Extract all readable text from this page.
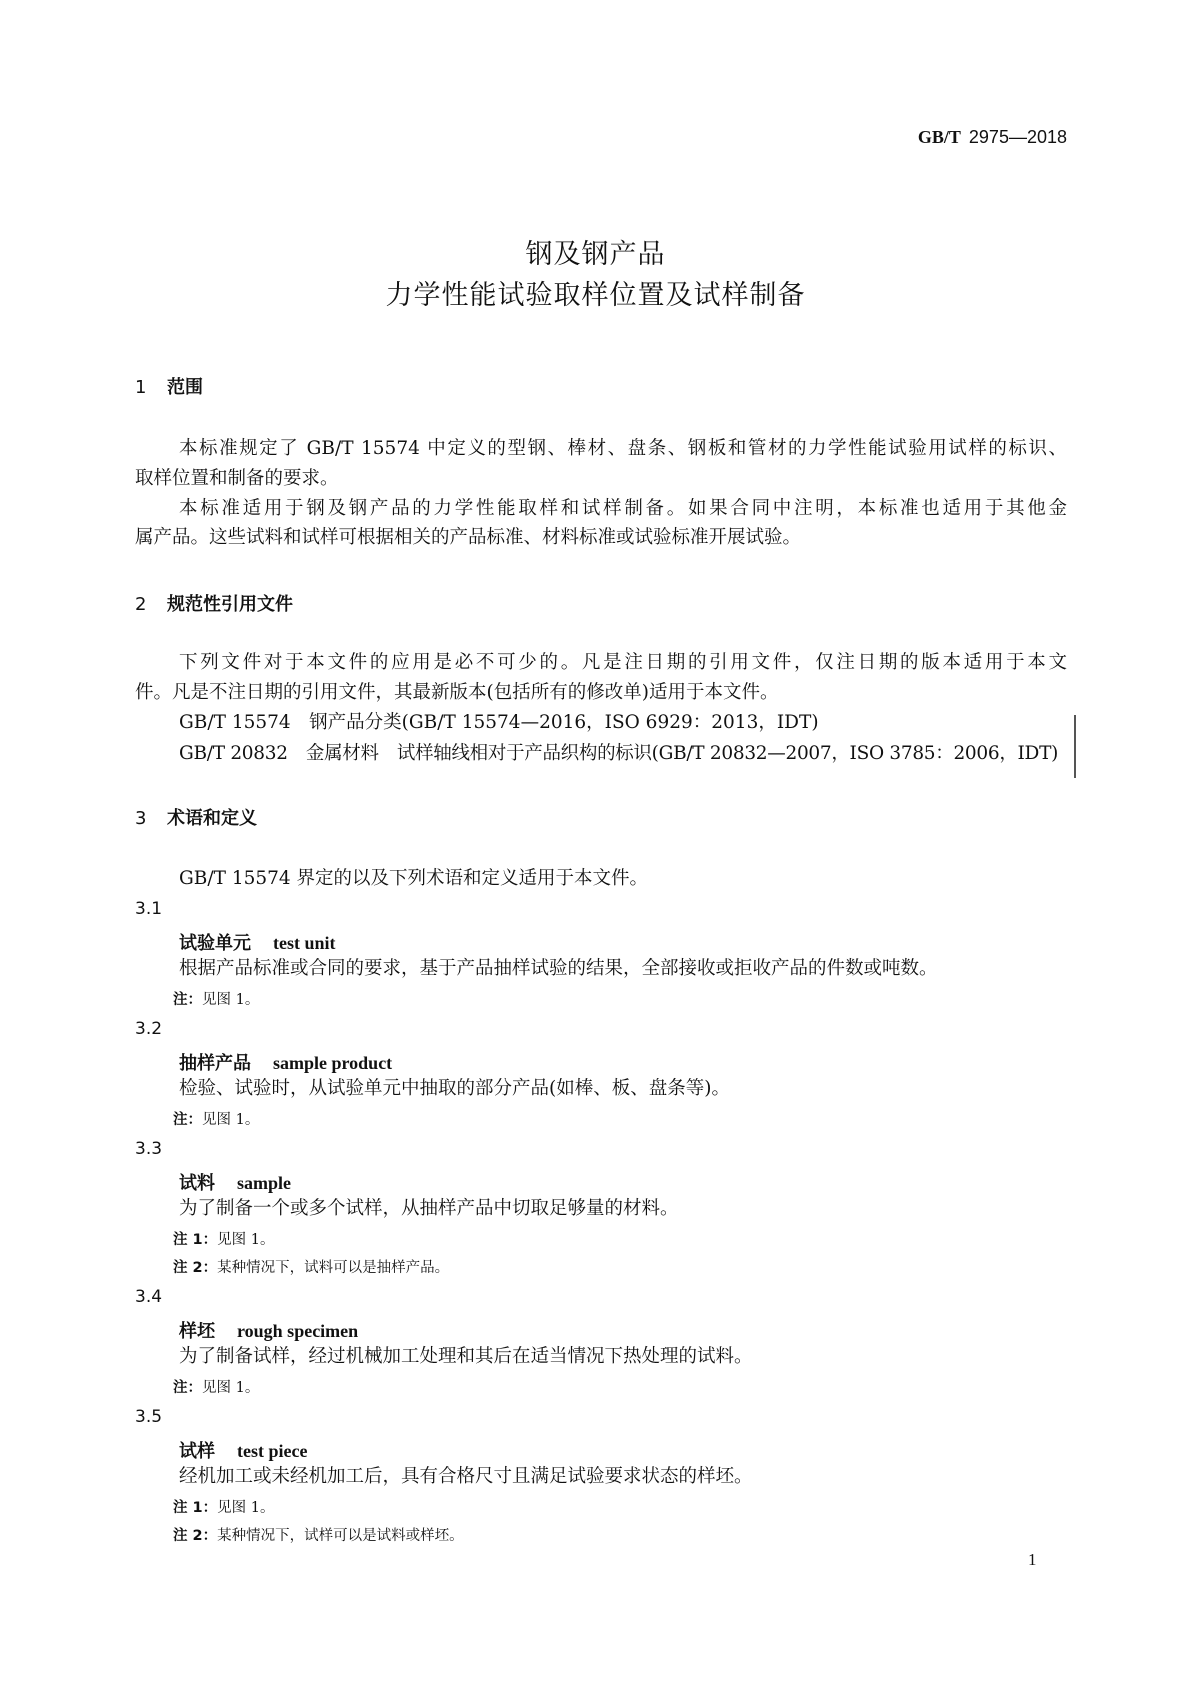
GB/T 2975—2018
钢及钢产品
力学性能试验取样位置及试样制备
1 范围
本标准规定了 GB/T 15574 中定义的型钢、棒材、盘条、钢板和管材的力学性能试验用试样的标识、
取样位置和制备的要求。
本标准适用于钢及钢产品的力学性能取样和试样制备。如果合同中注明，本标准也适用于其他金
属产品。这些试料和试样可根据相关的产品标准、材料标准或试验标准开展试验。
2 规范性引用文件
下列文件对于本文件的应用是必不可少的。凡是注日期的引用文件，仅注日期的版本适用于本文
件。凡是不注日期的引用文件，其最新版本(包括所有的修改单)适用于本文件。
GB/T 15574　钢产品分类(GB/T 15574—2016，ISO 6929：2013，IDT)
GB/T 20832　金属材料　试样轴线相对于产品织构的标识(GB/T 20832—2007，ISO 3785：2006，IDT)
3 术语和定义
GB/T 15574 界定的以及下列术语和定义适用于本文件。
3.1
试验单元 test unit
根据产品标准或合同的要求，基于产品抽样试验的结果，全部接收或拒收产品的件数或吨数。
注：见图 1。
3.2
抽样产品 sample product
检验、试验时，从试验单元中抽取的部分产品(如棒、板、盘条等)。
注：见图 1。
3.3
试料 sample
为了制备一个或多个试样，从抽样产品中切取足够量的材料。
注 1：见图 1。
注 2：某种情况下，试料可以是抽样产品。
3.4
样坯 rough specimen
为了制备试样，经过机械加工处理和其后在适当情况下热处理的试料。
注：见图 1。
3.5
试样 test piece
经机加工或未经机加工后，具有合格尺寸且满足试验要求状态的样坯。
注 1：见图 1。
注 2：某种情况下，试样可以是试料或样坯。
1
